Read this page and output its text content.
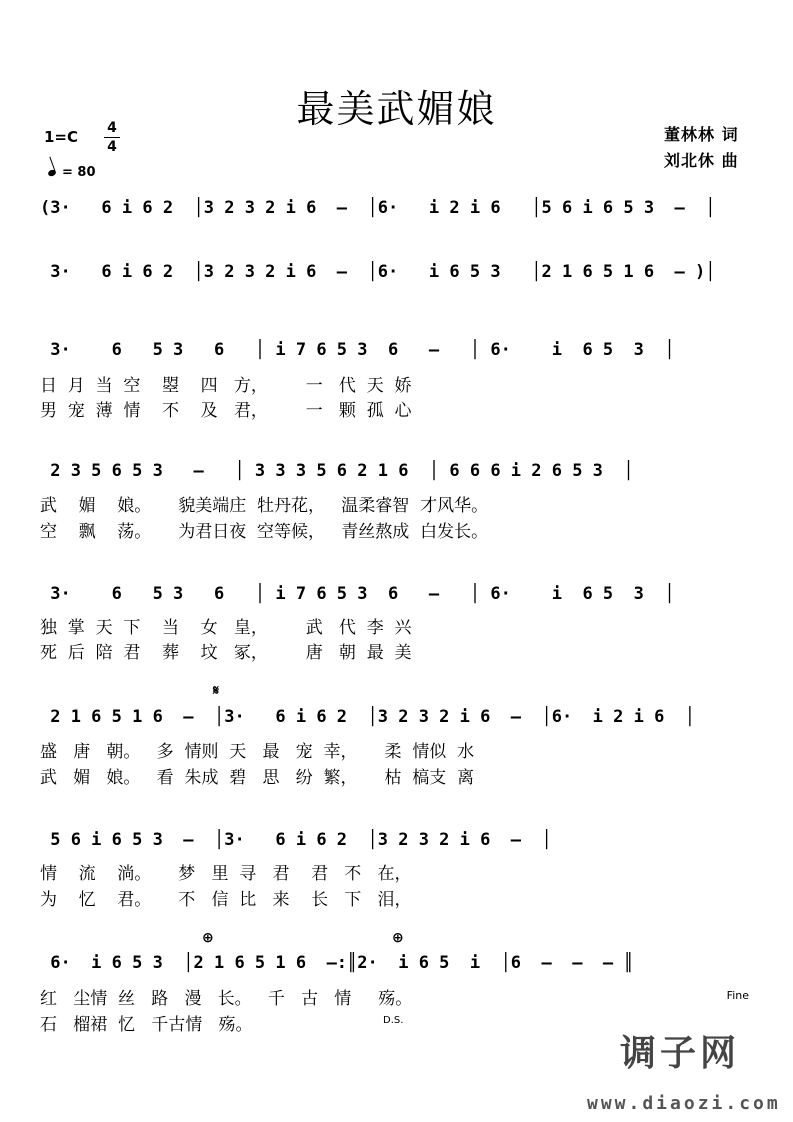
最美武媚娘
1=C 4
4
= 80
董林林 词
刘北休 曲
(3·   6 i 6 2  │3 2 3 2 i 6  –  │6·   i 2 i 6   │5 6 i 6 5 3  –  │
3·   6 i 6 2  │3 2 3 2 i 6  –  │6·   i 6 5 3   │2 1 6 5 1 6  – )│
3·    6   5 3   6   │ i 7 6 5 3  6   –   │ 6·    i  6 5  3  │
日  月  当  空    曌    四   方，       一   代  天  娇
男  宠  薄  情    不    及   君，       一   颗  孤  心
2 3 5 6 5 3   –   │ 3 3 3 5 6 2 1 6  │ 6 6 6 i 2 6 5 3  │
武    媚    娘。     貌美端庄  牡丹花，   温柔睿智  才风华。
空    飘    荡。     为君日夜  空等候，   青丝熬成  白发长。
3·    6   5 3   6   │ i 7 6 5 3  6   –   │ 6·    i  6 5  3  │
独  掌  天  下    当    女   皇，       武   代  李  兴
死  后  陪  君    葬    坟   冢，       唐   朝  最  美
𝄋
2 1 6 5 1 6  –  │3·   6 i 6 2  │3 2 3 2 i 6  –  │6·  i 2 i 6  │
盛   唐   朝。   多  情则  天   最   宠  幸，     柔  情似  水
武   媚   娘。   看  朱成  碧   思   纷  繁，     枯  槁支  离
5 6 i 6 5 3  –  │3·   6 i 6 2  │3 2 3 2 i 6  –  │
情    流    淌。     梦   里  寻   君    君   不   在，
为    忆    君。     不   信  比   来    长   下   泪，
⊕	⊕
6·  i 6 5 3  │2 1 6 5 1 6  –:║2·  i 6 5  i  │6  –  –  – ║
红   尘情  丝   路   漫   长。   千   古   情     殇。
石   榴裙  忆   千古情   殇。
Fine
D.S.
调子网
www.diaozi.com
